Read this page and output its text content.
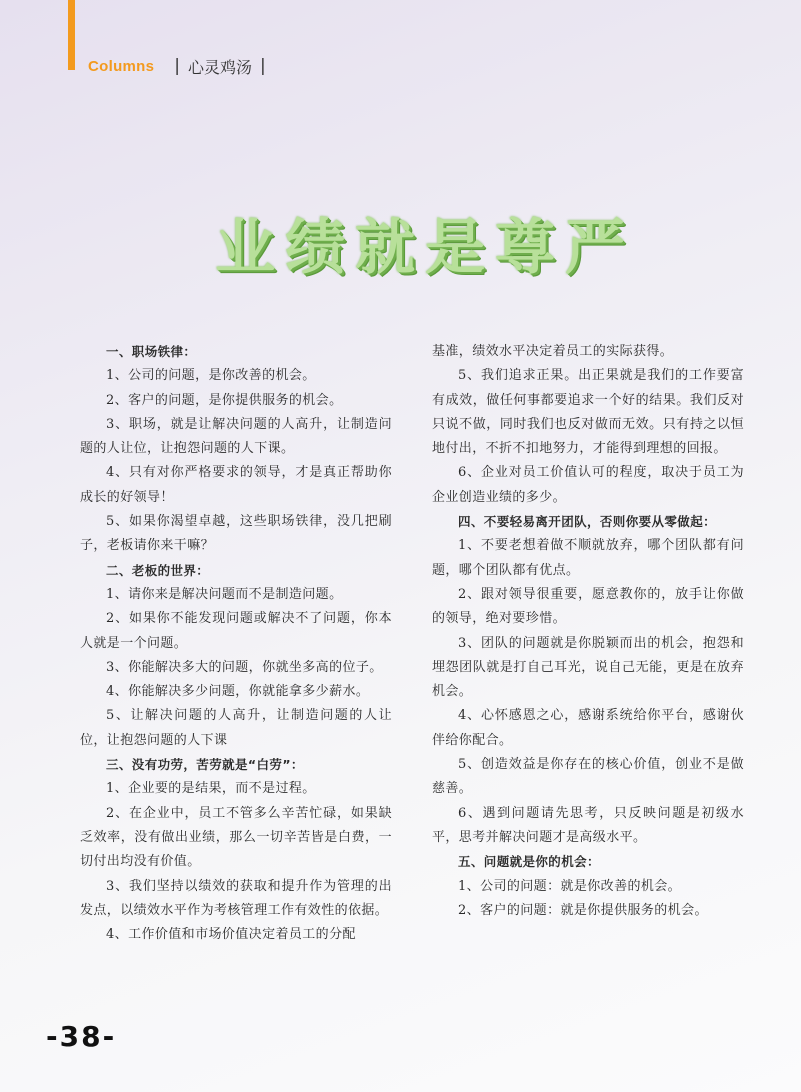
Columns | 心灵鸡汤 |
业绩就是尊严

一、职场铁律：

1、公司的问题，是你改善的机会。

2、客户的问题，是你提供服务的机会。

3、职场，就是让解决问题的人高升，让制造问题的人让位，让抱怨问题的人下课。

4、只有对你严格要求的领导，才是真正帮助你成长的好领导！

5、如果你渴望卓越，这些职场铁律，没几把刷子，老板请你来干嘛？

二、老板的世界：

1、请你来是解决问题而不是制造问题。

2、如果你不能发现问题或解决不了问题，你本人就是一个问题。

3、你能解决多大的问题，你就坐多高的位子。

4、你能解决多少问题，你就能拿多少薪水。

5、让解决问题的人高升，让制造问题的人让位，让抱怨问题的人下课

三、没有功劳，苦劳就是“白劳”：

1、企业要的是结果，而不是过程。

2、在企业中，员工不管多么辛苦忙碌，如果缺乏效率，没有做出业绩，那么一切辛苦皆是白费，一切付出均没有价值。

3、我们坚持以绩效的获取和提升作为管理的出发点，以绩效水平作为考核管理工作有效性的依据。

4、工作价值和市场价值决定着员工的分配

基准，绩效水平决定着员工的实际获得。

5、我们追求正果。出正果就是我们的工作要富有成效，做任何事都要追求一个好的结果。我们反对只说不做，同时我们也反对做而无效。只有持之以恒地付出，不折不扣地努力，才能得到理想的回报。

6、企业对员工价值认可的程度，取决于员工为企业创造业绩的多少。

四、不要轻易离开团队，否则你要从零做起：

1、不要老想着做不顺就放弃，哪个团队都有问题，哪个团队都有优点。

2、跟对领导很重要，愿意教你的，放手让你做的领导，绝对要珍惜。

3、团队的问题就是你脱颖而出的机会，抱怨和埋怨团队就是打自己耳光，说自己无能，更是在放弃机会。

4、心怀感恩之心，感谢系统给你平台，感谢伙伴给你配合。

5、创造效益是你存在的核心价值，创业不是做慈善。

6、遇到问题请先思考，只反映问题是初级水平，思考并解决问题才是高级水平。

五、问题就是你的机会：

1、公司的问题：就是你改善的机会。

2、客户的问题：就是你提供服务的机会。

-38-
